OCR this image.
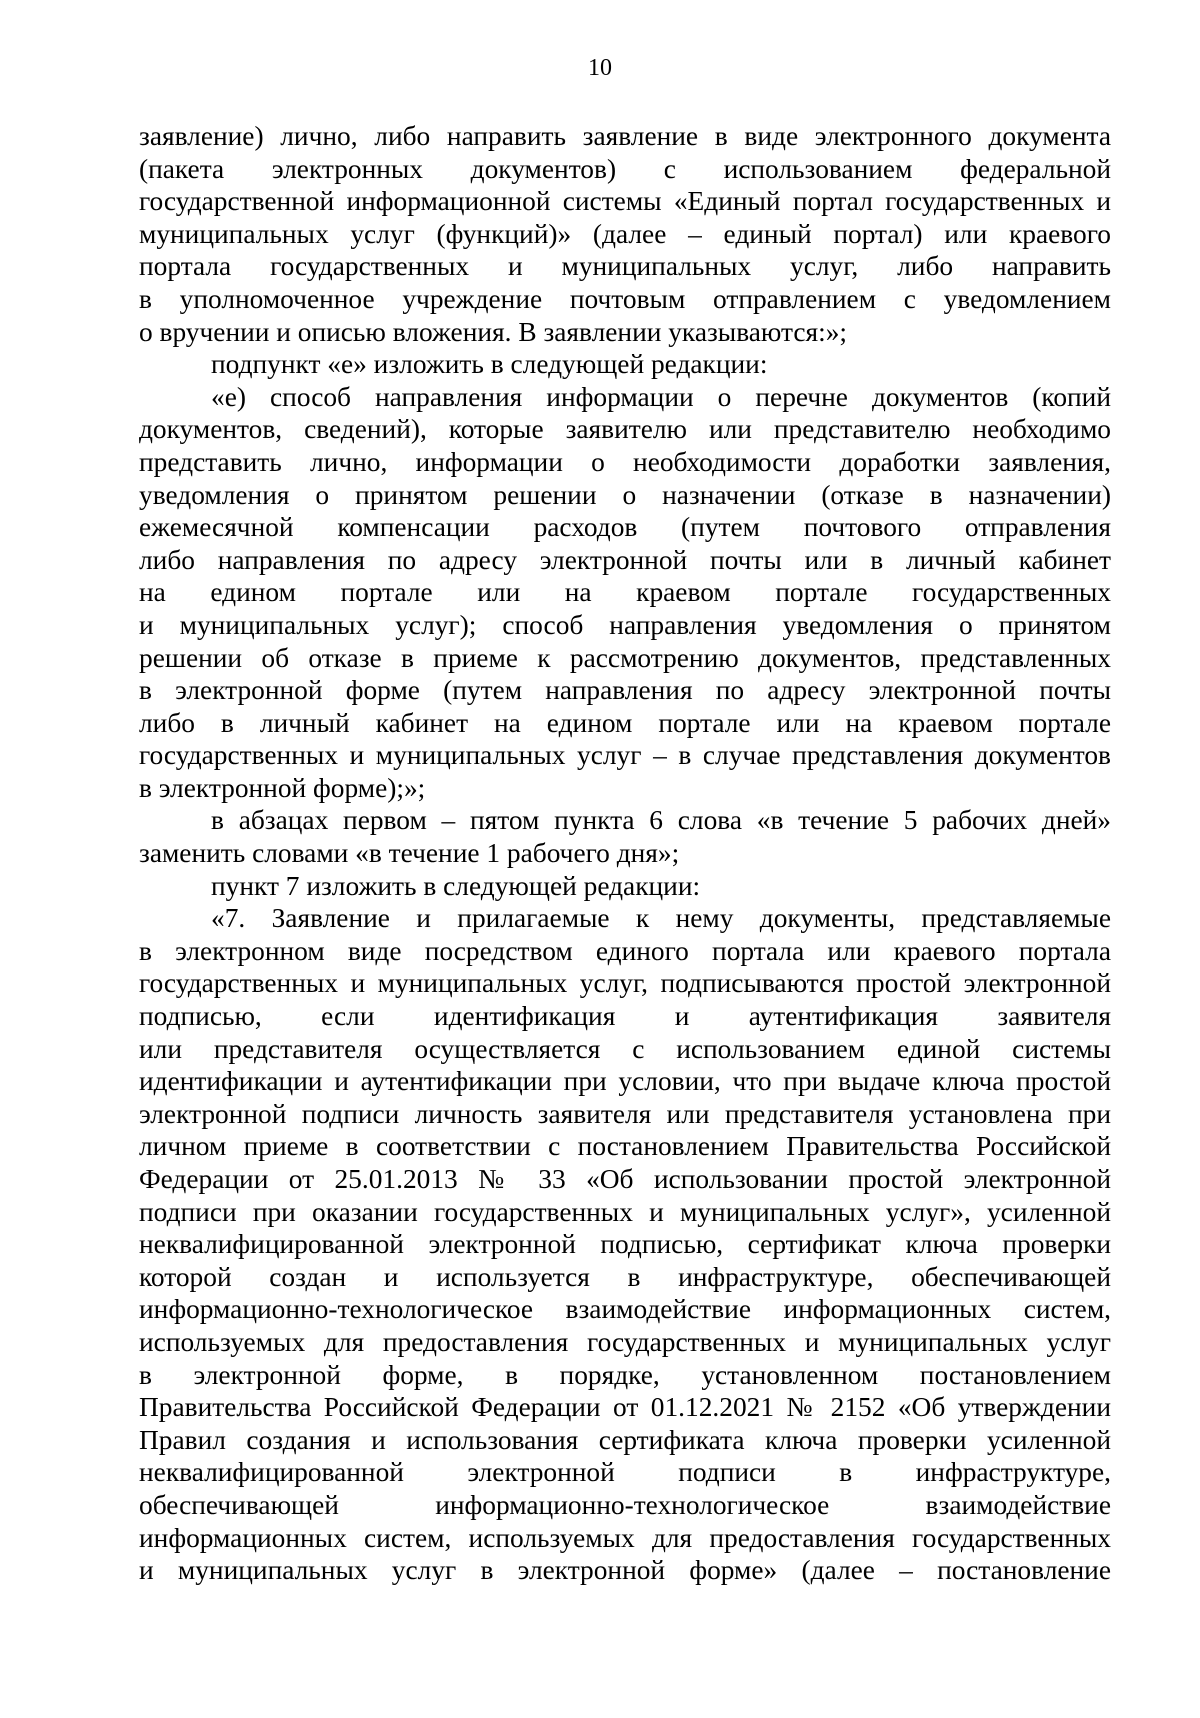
10
заявление) лично, либо направить заявление в виде электронного документа
(пакета электронных документов) с использованием федеральной
государственной информационной системы «Единый портал государственных и
муниципальных услуг (функций)» (далее – единый портал) или краевого
портала государственных и муниципальных услуг, либо направить
в уполномоченное учреждение почтовым отправлением с уведомлением
о вручении и описью вложения. В заявлении указываются:»;
подпункт «е» изложить в следующей редакции:
«е) способ направления информации о перечне документов (копий
документов, сведений), которые заявителю или представителю необходимо
представить лично, информации о необходимости доработки заявления,
уведомления о принятом решении о назначении (отказе в назначении)
ежемесячной компенсации расходов (путем почтового отправления
либо направления по адресу электронной почты или в личный кабинет
на едином портале или на краевом портале государственных
и муниципальных услуг); способ направления уведомления о принятом
решении об отказе в приеме к рассмотрению документов, представленных
в электронной форме (путем направления по адресу электронной почты
либо в личный кабинет на едином портале или на краевом портале
государственных и муниципальных услуг – в случае представления документов
в электронной форме);»;
в абзацах первом – пятом пункта 6 слова «в течение 5 рабочих дней»
заменить словами «в течение 1 рабочего дня»;
пункт 7 изложить в следующей редакции:
«7. Заявление и прилагаемые к нему документы, представляемые
в электронном виде посредством единого портала или краевого портала
государственных и муниципальных услуг, подписываются простой электронной
подписью, если идентификация и аутентификация заявителя
или представителя осуществляется с использованием единой системы
идентификации и аутентификации при условии, что при выдаче ключа простой
электронной подписи личность заявителя или представителя установлена при
личном приеме в соответствии с постановлением Правительства Российской
Федерации от 25.01.2013 № 33 «Об использовании простой электронной
подписи при оказании государственных и муниципальных услуг», усиленной
неквалифицированной электронной подписью, сертификат ключа проверки
которой создан и используется в инфраструктуре, обеспечивающей
информационно-технологическое взаимодействие информационных систем,
используемых для предоставления государственных и муниципальных услуг
в электронной форме, в порядке, установленном постановлением
Правительства Российской Федерации от 01.12.2021 № 2152 «Об утверждении
Правил создания и использования сертификата ключа проверки усиленной
неквалифицированной электронной подписи в инфраструктуре,
обеспечивающей информационно-технологическое взаимодействие
информационных систем, используемых для предоставления государственных
и муниципальных услуг в электронной форме» (далее – постановление
